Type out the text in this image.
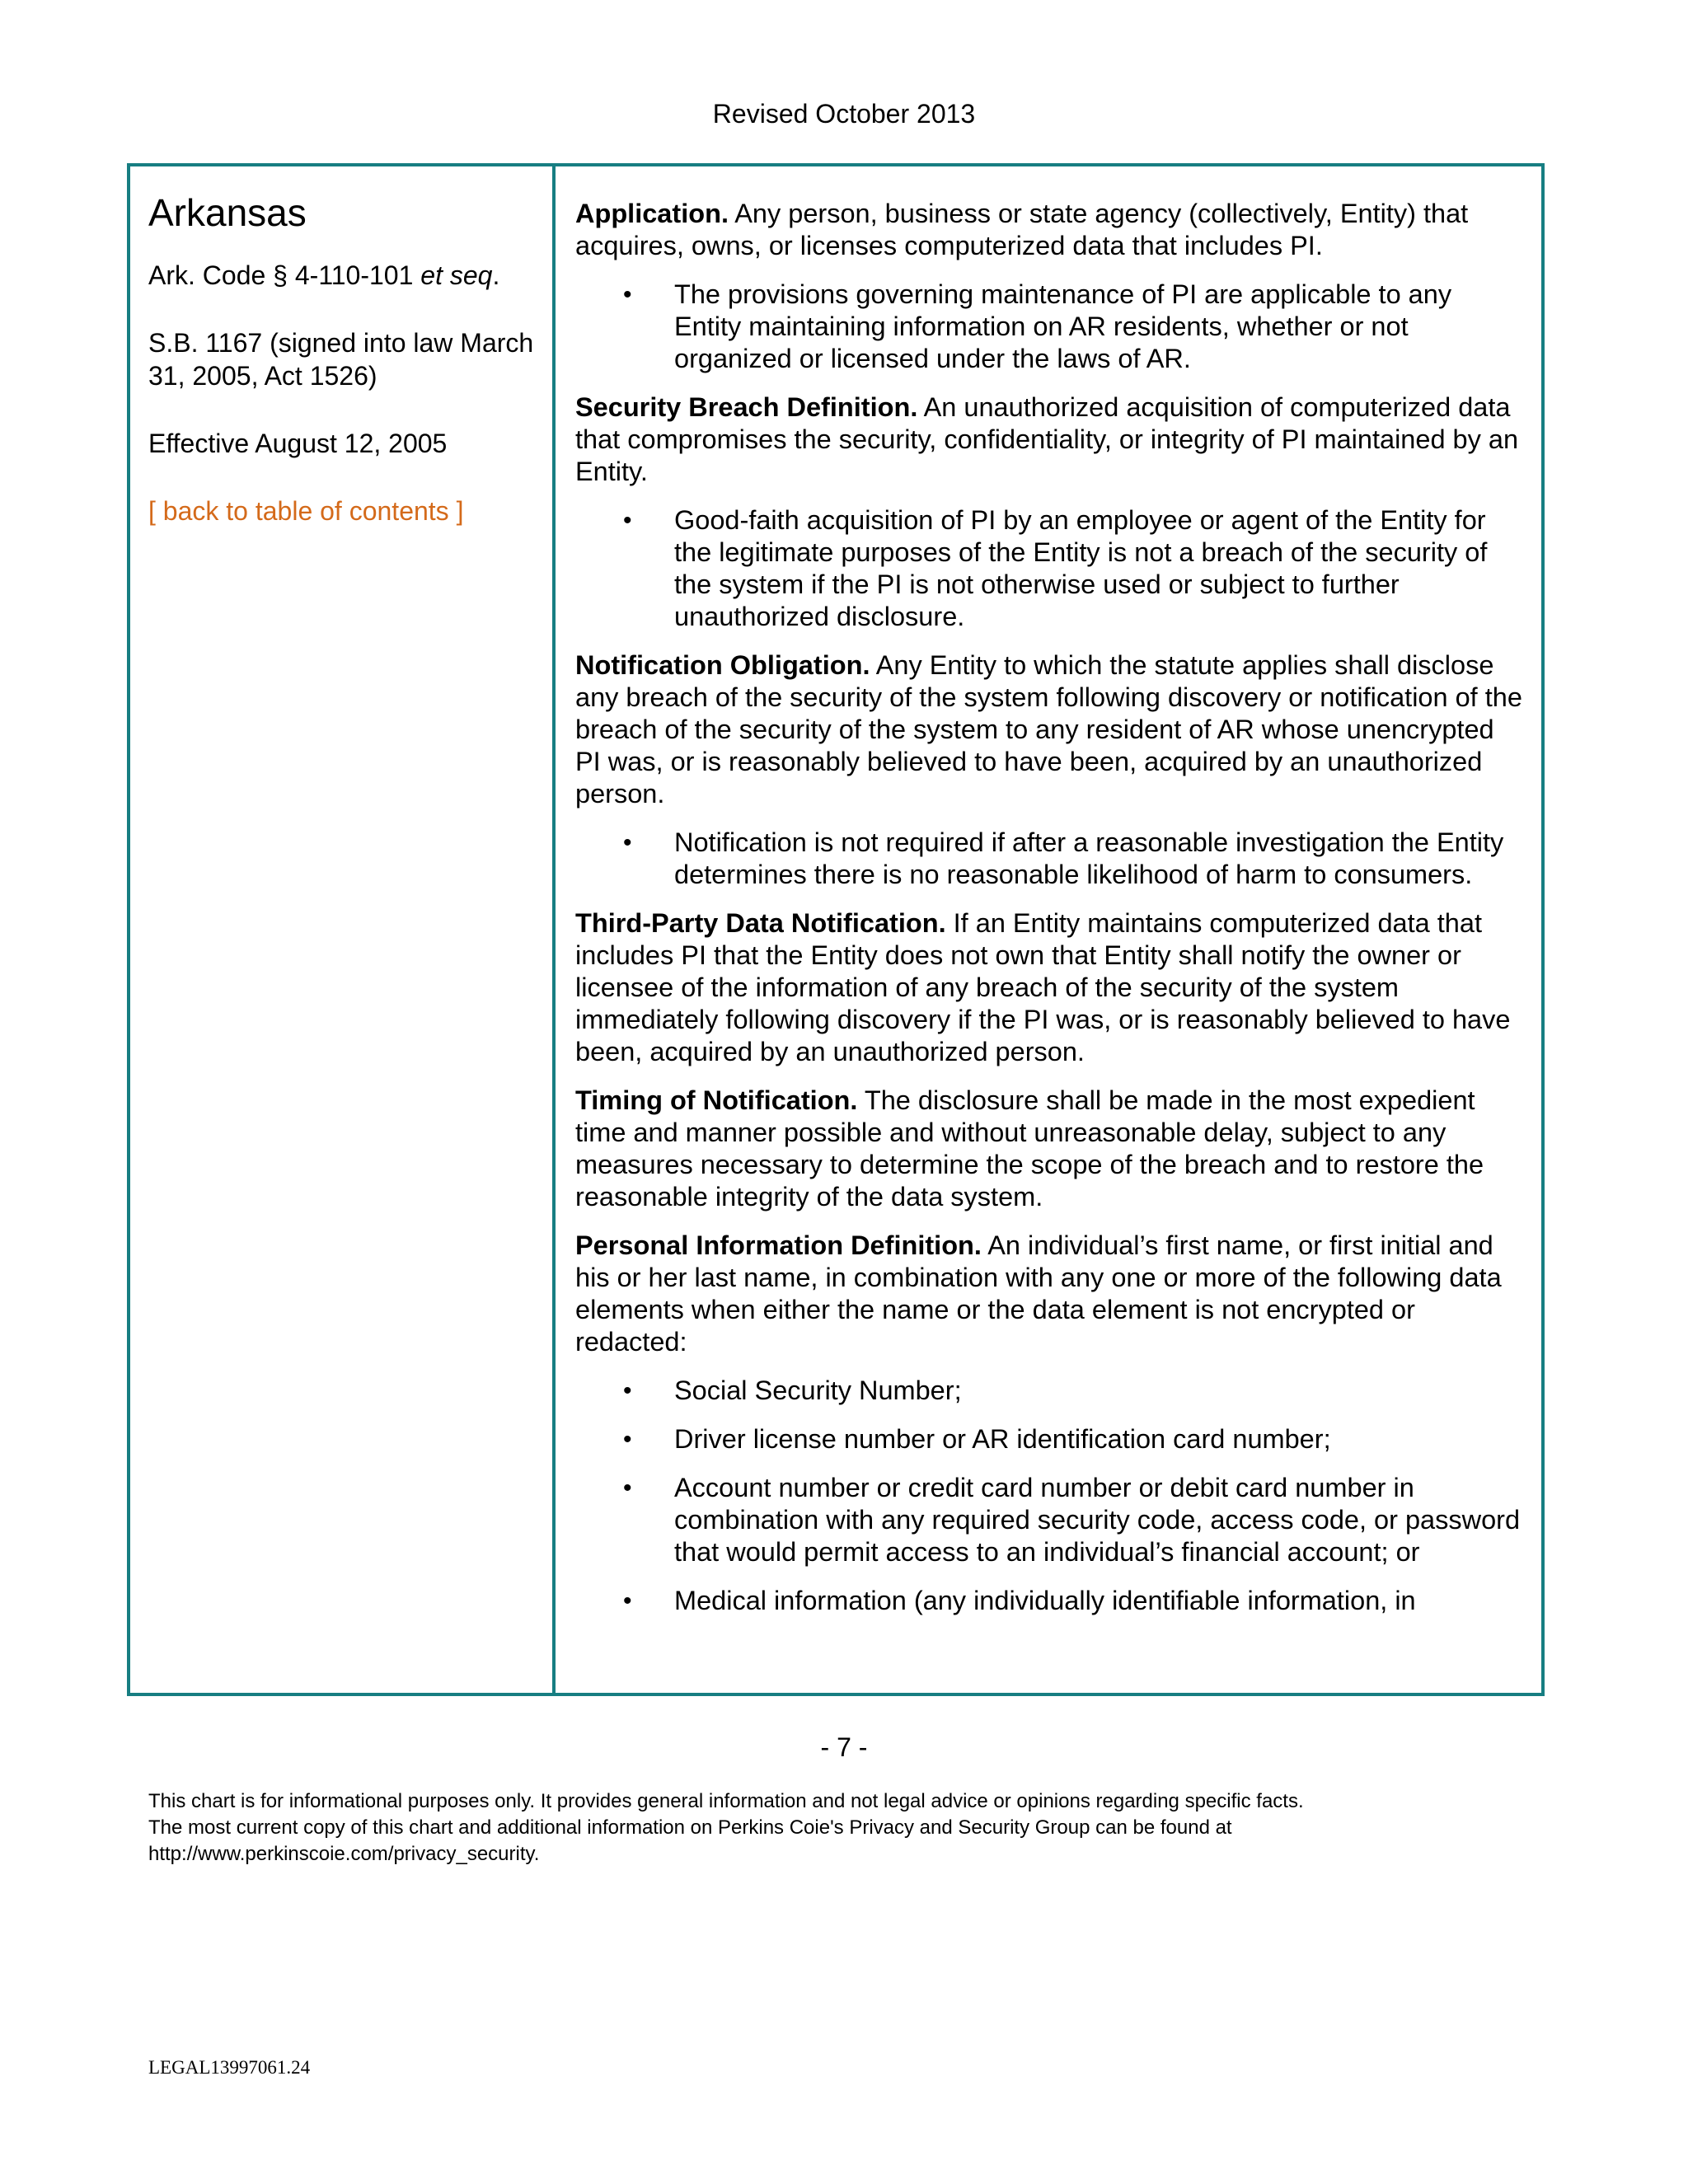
Revised October 2013
Arkansas

Ark. Code § 4-110-101 et seq.

S.B. 1167 (signed into law March 31, 2005, Act 1526)

Effective August 12, 2005

[ back to table of contents ]

Application. Any person, business or state agency (collectively, Entity) that acquires, owns, or licenses computerized data that includes PI.

• The provisions governing maintenance of PI are applicable to any Entity maintaining information on AR residents, whether or not organized or licensed under the laws of AR.

Security Breach Definition. An unauthorized acquisition of computerized data that compromises the security, confidentiality, or integrity of PI maintained by an Entity.

• Good-faith acquisition of PI by an employee or agent of the Entity for the legitimate purposes of the Entity is not a breach of the security of the system if the PI is not otherwise used or subject to further unauthorized disclosure.

Notification Obligation. Any Entity to which the statute applies shall disclose any breach of the security of the system following discovery or notification of the breach of the security of the system to any resident of AR whose unencrypted PI was, or is reasonably believed to have been, acquired by an unauthorized person.

• Notification is not required if after a reasonable investigation the Entity determines there is no reasonable likelihood of harm to consumers.

Third-Party Data Notification. If an Entity maintains computerized data that includes PI that the Entity does not own that Entity shall notify the owner or licensee of the information of any breach of the security of the system immediately following discovery if the PI was, or is reasonably believed to have been, acquired by an unauthorized person.

Timing of Notification. The disclosure shall be made in the most expedient time and manner possible and without unreasonable delay, subject to any measures necessary to determine the scope of the breach and to restore the reasonable integrity of the data system.

Personal Information Definition. An individual’s first name, or first initial and his or her last name, in combination with any one or more of the following data elements when either the name or the data element is not encrypted or redacted:

• Social Security Number;
• Driver license number or AR identification card number;
• Account number or credit card number or debit card number in combination with any required security code, access code, or password that would permit access to an individual’s financial account; or
• Medical information (any individually identifiable information, in
- 7 -
This chart is for informational purposes only. It provides general information and not legal advice or opinions regarding specific facts.
The most current copy of this chart and additional information on Perkins Coie's Privacy and Security Group can be found at
http://www.perkinscoie.com/privacy_security.
LEGAL13997061.24
